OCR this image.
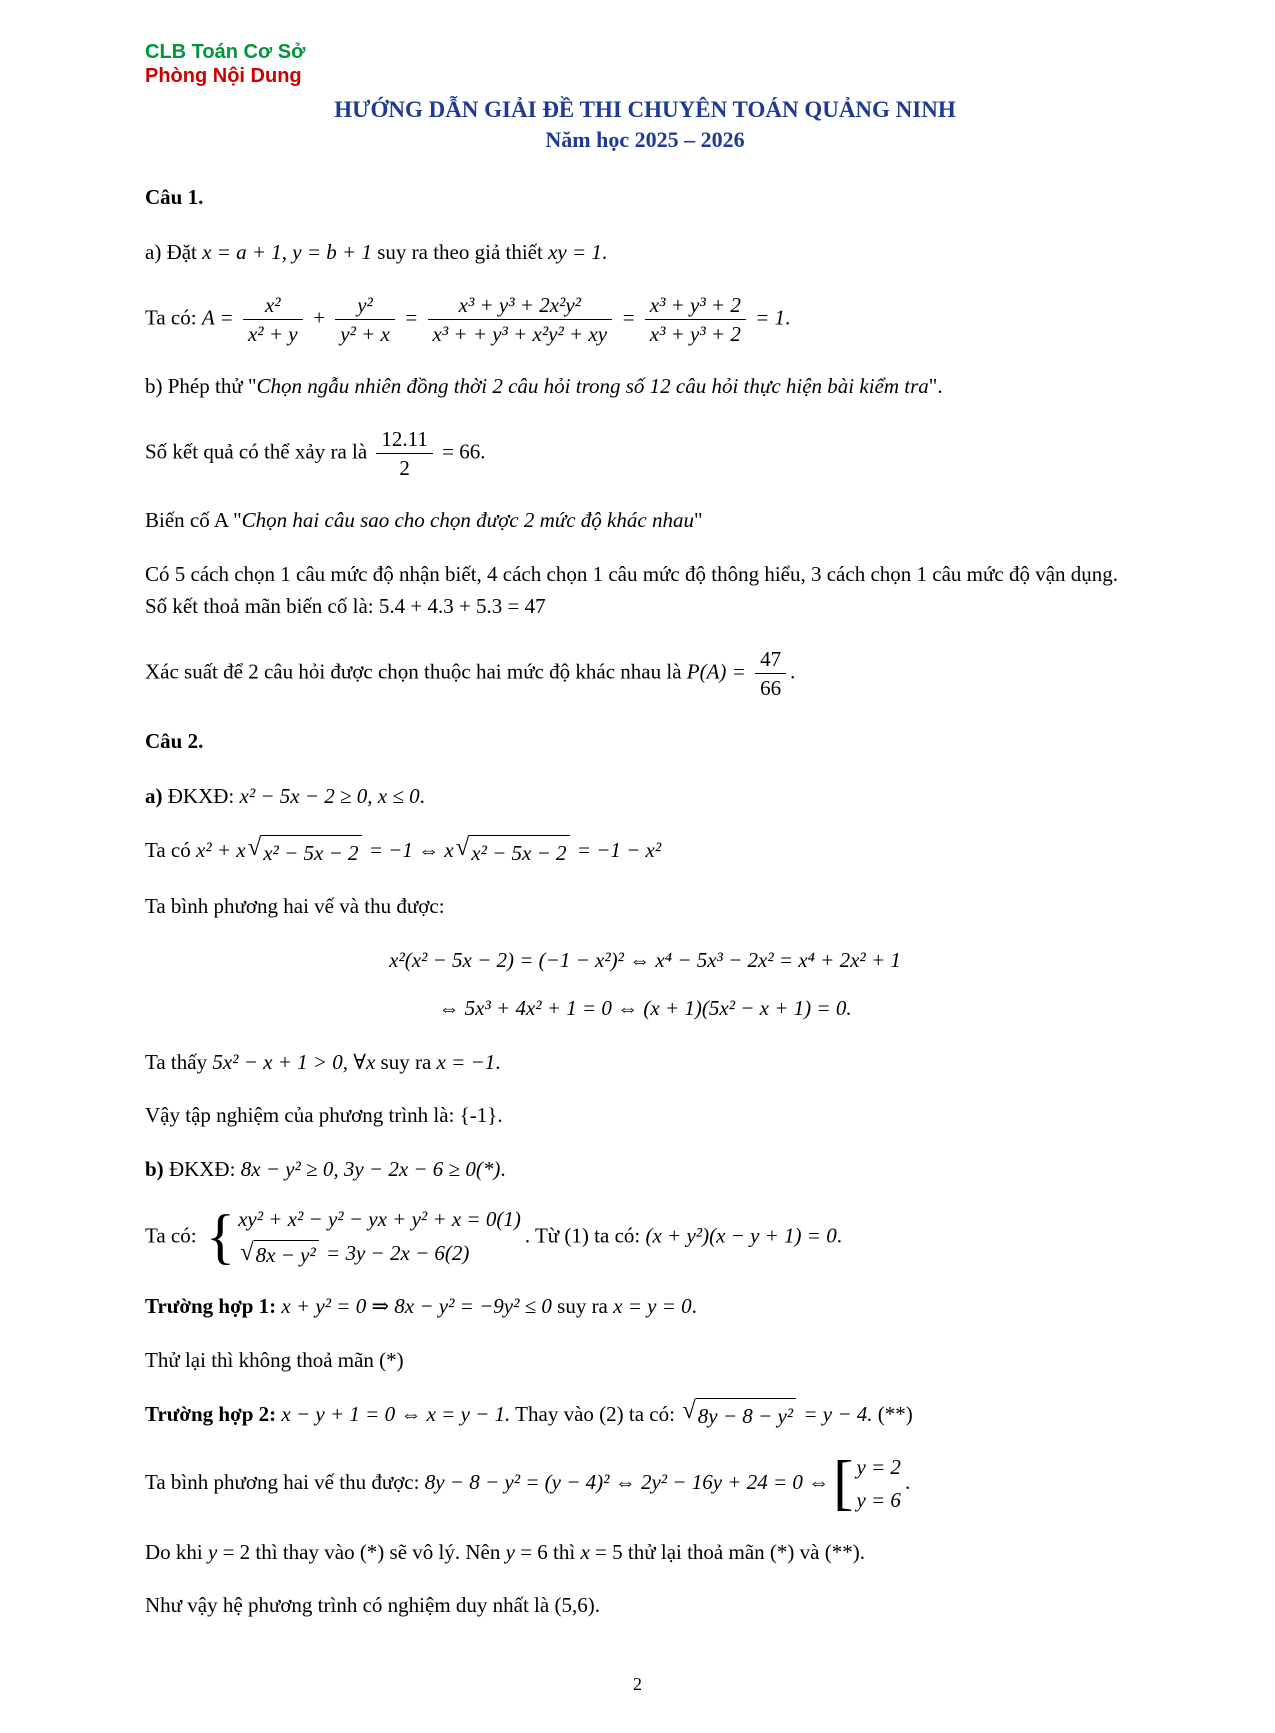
CLB Toán Cơ Sở
Phòng Nội Dung
HƯỚNG DẪN GIẢI ĐỀ THI CHUYÊN TOÁN QUẢNG NINH
Năm học 2025 – 2026
Câu 1.
a) Đặt x = a + 1, y = b + 1 suy ra theo giả thiết xy = 1.
Ta có: $A = \frac{\text{x²}}{\text{x² + y}} + \frac{\text{y²}}{\text{y² + x}} = \frac{\text{x³ + y³ + 2x²y²}}{\text{x³ + + y³ + x²y² + xy}} = \frac{\text{x³ + y³ + 2}}{\text{x³ + y³ + 2}} = 1$.
b) Phép thử "Chọn ngẫu nhiên đồng thời 2 câu hỏi trong số 12 câu hỏi thực hiện bài kiểm tra".
Số kết quả có thể xảy ra là $\frac{12.11}{2} = 66$.
Biến cố A "Chọn hai câu sao cho chọn được 2 mức độ khác nhau"
Có 5 cách chọn 1 câu mức độ nhận biết, 4 cách chọn 1 câu mức độ thông hiểu, 3 cách chọn 1 câu mức độ vận dụng. Số kết thoả mãn biến cố là: 5.4 + 4.3 + 5.3 = 47
Xác suất để 2 câu hỏi được chọn thuộc hai mức độ khác nhau là $P(A) = \frac{47}{66}$ .
Câu 2.
a) ĐKXĐ: x² − 5x − 2 ≥ 0, x ≤ 0.
Ta có x² + x √ x² − 5x − 2 = −1 ⇔ x √ x² − 5x − 2 = −1 − x²
Ta bình phương hai vế và thu được:
x²(x² − 5x − 2) = (−1 − x²)² ⇔ x⁴ − 5x³ − 2x² = x⁴ + 2x² + 1
⇔ 5x³ + 4x² + 1 = 0 ⇔ (x + 1)(5x² − x + 1) = 0.
Ta thấy 5x² − x + 1 > 0, ∀x suy ra x = −1.
Vậy tập nghiệm của phương trình là: {-1}.
b) ĐKXĐ: 8x − y² ≥ 0, 3y − 2x − 6 ≥ 0(*).
Ta có: { xy² + x² − y² − yx + y² + x = 0(1)
√ 8x − y² = 3y − 2x − 6(2)
. Từ (1) ta có: (x + y²)(x − y + 1) = 0.
Trường hợp 1: x + y² = 0 ⇒ 8x − y² = −9y² ≤ 0 suy ra x = y = 0.
Thử lại thì không thoả mãn (*)
Trường hợp 2: x − y + 1 = 0 ⇔ x = y − 1. Thay vào (2) ta có: √ 8y − 8 − y² = y − 4. (**)
Ta bình phương hai vế thu được: 8y − 8 − y² = (y − 4)² ⇔ 2y² − 16y + 24 = 0 ⇔ [ y = 2
y = 6
.
Do khi y = 2 thì thay vào (*) sẽ vô lý. Nên y = 6 thì x = 5 thử lại thoả mãn (*) và (**).
Như vậy hệ phương trình có nghiệm duy nhất là (5,6).
2
